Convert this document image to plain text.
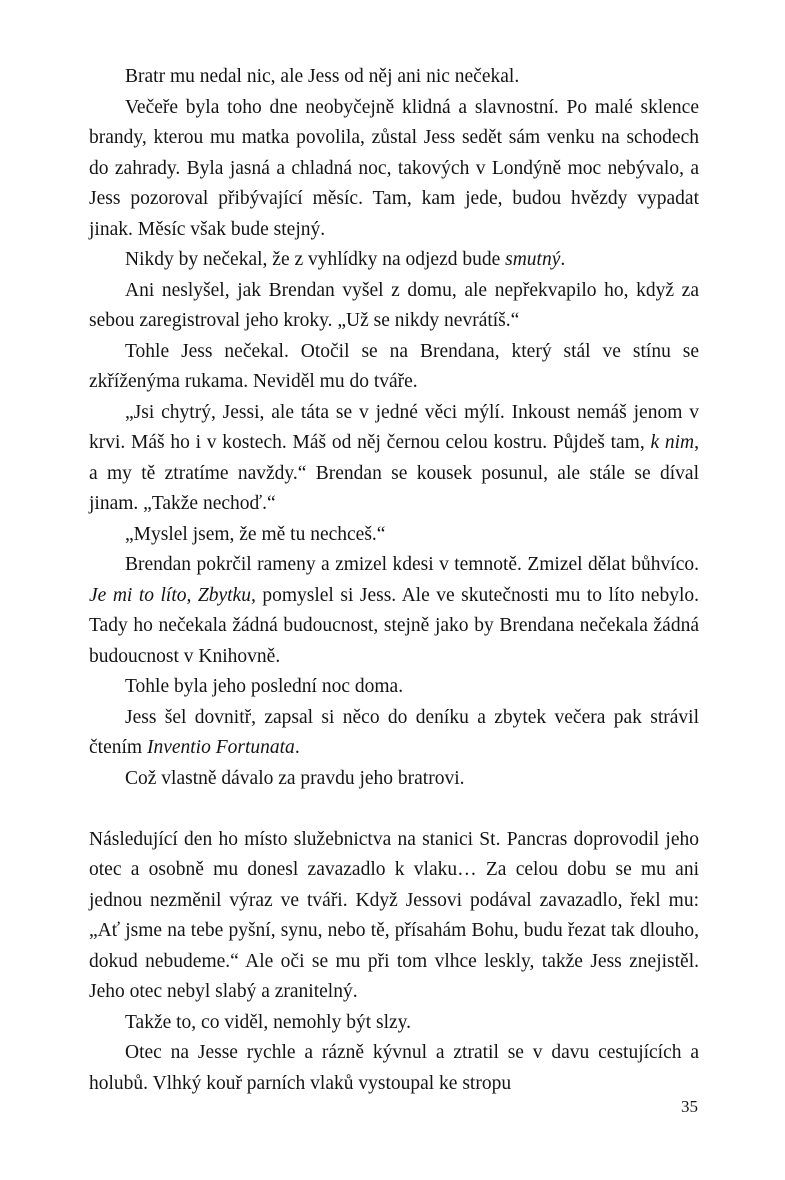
Bratr mu nedal nic, ale Jess od něj ani nic nečekal.

Večeře byla toho dne neobyčejně klidná a slavnostní. Po malé sklence brandy, kterou mu matka povolila, zůstal Jess sedět sám venku na schodech do zahrady. Byla jasná a chladná noc, takových v Londýně moc nebývalo, a Jess pozoroval přibývající měsíc. Tam, kam jede, budou hvězdy vypadat jinak. Měsíc však bude stejný.

Nikdy by nečekal, že z vyhlídky na odjezd bude smutný.

Ani neslyšel, jak Brendan vyšel z domu, ale nepřekvapilo ho, když za sebou zaregistroval jeho kroky. „Už se nikdy nevrátíš.“

Tohle Jess nečekal. Otočil se na Brendana, který stál ve stínu se zkříženýma rukama. Neviděl mu do tváře.

„Jsi chytrý, Jessi, ale táta se v jedné věci mýlí. Inkoust nemáš jenom v krvi. Máš ho i v kostech. Máš od něj černou celou kostru. Půjdeš tam, k nim, a my tě ztratíme navždy.“ Brendan se kousek posunul, ale stále se díval jinam. „Takže nechoď.“

„Myslel jsem, že mě tu nechceš.“

Brendan pokrčil rameny a zmizel kdesi v temnotě. Zmizel dělat bůhvíco. Je mi to líto, Zbytku, pomyslel si Jess. Ale ve skutečnosti mu to líto nebylo. Tady ho nečekala žádná budoucnost, stejně jako by Brendana nečekala žádná budoucnost v Knihovně.

Tohle byla jeho poslední noc doma.

Jess šel dovnitř, zapsal si něco do deníku a zbytek večera pak strávil čtením Inventio Fortunata.

Což vlastně dávalo za pravdu jeho bratrovi.

Následující den ho místo služebnictva na stanici St. Pancras doprovodil jeho otec a osobně mu donesl zavazadlo k vlaku… Za celou dobu se mu ani jednou nezměnil výraz ve tváři. Když Jessovi podával zavazadlo, řekl mu: „Ať jsme na tebe pyšní, synu, nebo tě, přísahám Bohu, budu řezat tak dlouho, dokud nebudeme.“ Ale oči se mu při tom vlhce leskly, takže Jess znejistěl. Jeho otec nebyl slabý a zranitelný.

Takže to, co viděl, nemohly být slzy.

Otec na Jesse rychle a rázně kývnul a ztratil se v davu cestujících a holubů. Vlhký kouř parních vlaků vystoupal ke stropu

35
